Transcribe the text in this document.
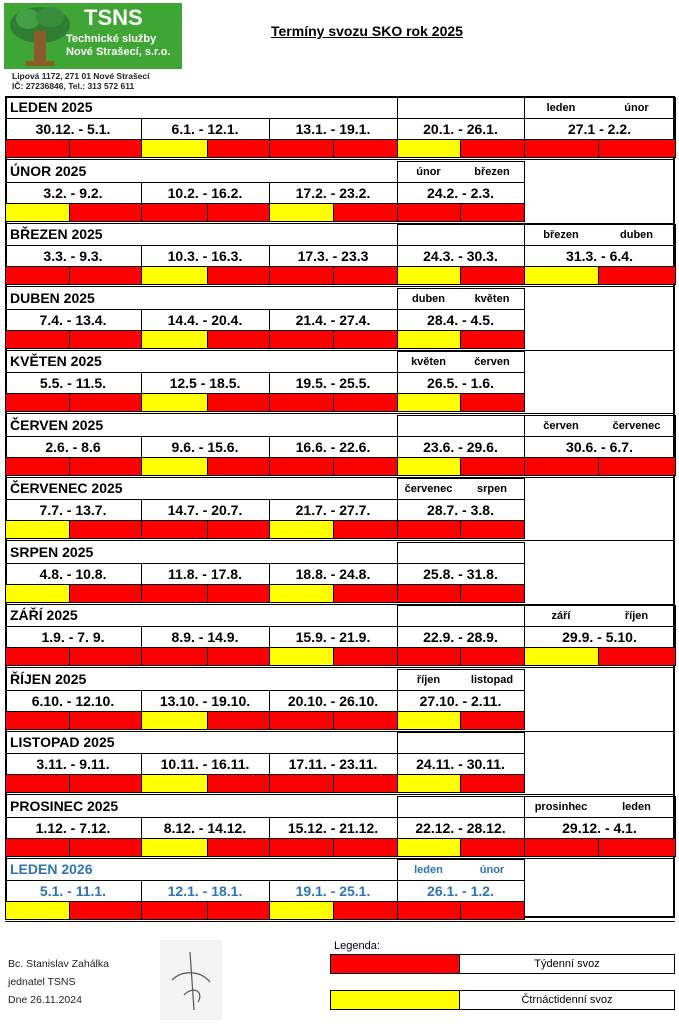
TSNS
Technické služby
Nové Strašecí, s.r.o.
Lipová 1172, 271 01 Nové Strašecí
IČ: 27236846, Tel.: 313 572 611
Termíny svozu SKO rok 2025
LEDEN 2025	leden	únor
30.12. - 5.1.	6.1. - 12.1.	13.1. - 19.1.	20.1. - 26.1.	27.1 - 2.2.
ÚNOR 2025	únor	březen
3.2. - 9.2.	10.2. - 16.2.	17.2. - 23.2.	24.2. - 2.3.
BŘEZEN 2025	březen	duben
3.3. - 9.3.	10.3. - 16.3.	17.3. - 23.3	24.3. - 30.3.	31.3. - 6.4.
DUBEN 2025	duben	květen
7.4. - 13.4.	14.4. - 20.4.	21.4. - 27.4.	28.4. - 4.5.
KVĚTEN 2025	květen	červen
5.5. - 11.5.	12.5 - 18.5.	19.5. - 25.5.	26.5. - 1.6.
ČERVEN 2025	červen	červenec
2.6. - 8.6	9.6. - 15.6.	16.6. - 22.6.	23.6. - 29.6.	30.6. - 6.7.
ČERVENEC 2025	červenec	srpen
7.7. - 13.7.	14.7. - 20.7.	21.7. - 27.7.	28.7. - 3.8.
SRPEN 2025
4.8. - 10.8.	11.8. - 17.8.	18.8. - 24.8.	25.8. - 31.8.
ZÁŘÍ 2025	září	říjen
1.9. - 7. 9.	8.9. - 14.9.	15.9. - 21.9.	22.9. - 28.9.	29.9. - 5.10.
ŘÍJEN 2025	říjen	listopad
6.10. - 12.10.	13.10. - 19.10.	20.10. - 26.10.	27.10. - 2.11.
LISTOPAD 2025
3.11. - 9.11.	10.11. - 16.11.	17.11. - 23.11.	24.11. - 30.11.
PROSINEC 2025	prosinhec	leden
1.12. - 7.12.	8.12. - 14.12.	15.12. - 21.12.	22.12. - 28.12.	29.12. - 4.1.
LEDEN 2026	leden	únor
5.1. - 11.1.	12.1. - 18.1.	19.1. - 25.1.	26.1. - 1.2.
Bc. Stanislav Zahálka
jednatel TSNS
Dne 26.11.2024
Legenda:
Týdenní svoz
Čtrnáctidenní svoz
